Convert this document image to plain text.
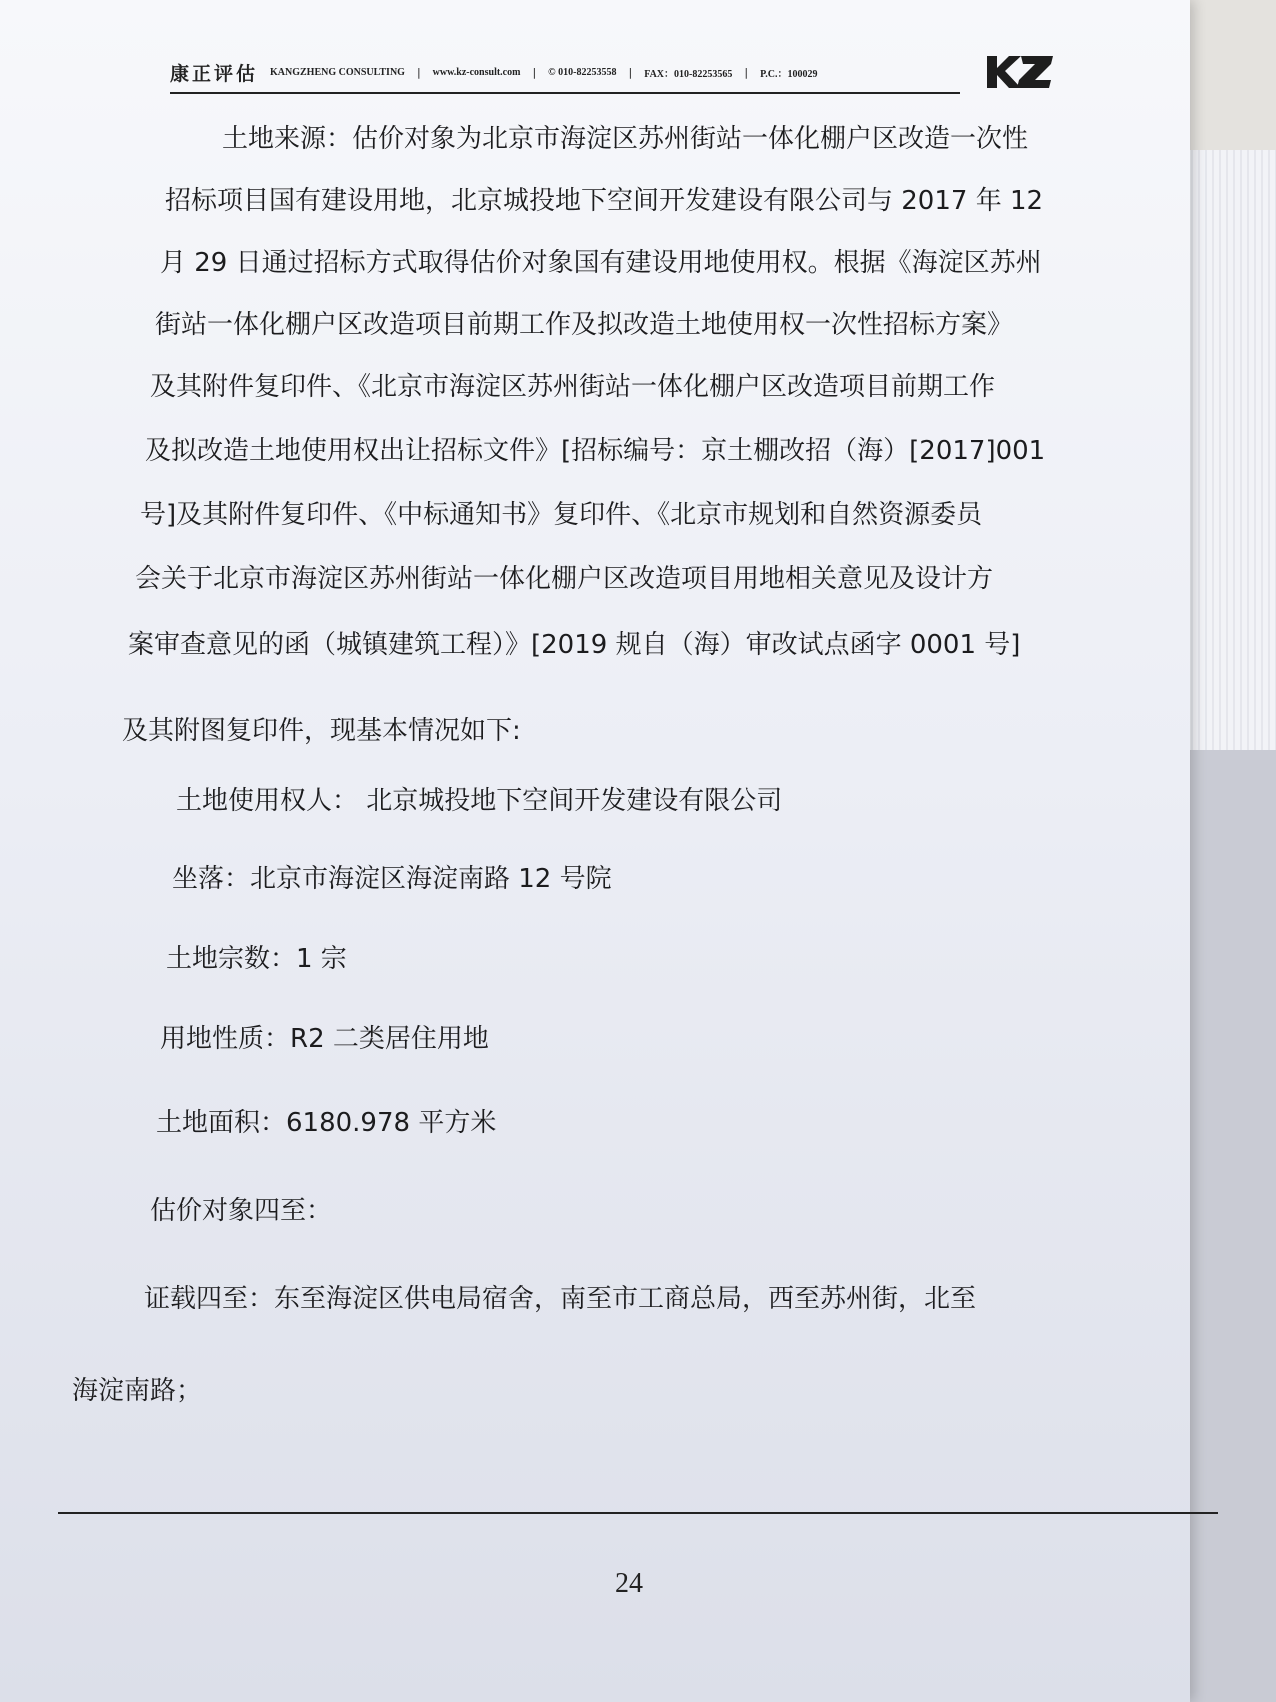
康正评估 KANGZHENG CONSULTING | www.kz-consult.com | © 010-82253558 | FAX：010-82253565 | P.C.：100029
土地来源：估价对象为北京市海淀区苏州街站一体化棚户区改造一次性
招标项目国有建设用地，北京城投地下空间开发建设有限公司与 2017 年 12
月 29 日通过招标方式取得估价对象国有建设用地使用权。根据《海淀区苏州
街站一体化棚户区改造项目前期工作及拟改造土地使用权一次性招标方案》
及其附件复印件、《北京市海淀区苏州街站一体化棚户区改造项目前期工作
及拟改造土地使用权出让招标文件》[招标编号：京土棚改招（海）[2017]001
号]及其附件复印件、《中标通知书》复印件、《北京市规划和自然资源委员
会关于北京市海淀区苏州街站一体化棚户区改造项目用地相关意见及设计方
案审查意见的函（城镇建筑工程）》[2019 规自（海）审改试点函字 0001 号]
及其附图复印件，现基本情况如下:
土地使用权人： 北京城投地下空间开发建设有限公司
坐落：北京市海淀区海淀南路 12 号院
土地宗数：1 宗
用地性质：R2 二类居住用地
土地面积：6180.978 平方米
估价对象四至：
证载四至：东至海淀区供电局宿舍，南至市工商总局，西至苏州街，北至
海淀南路；
24
